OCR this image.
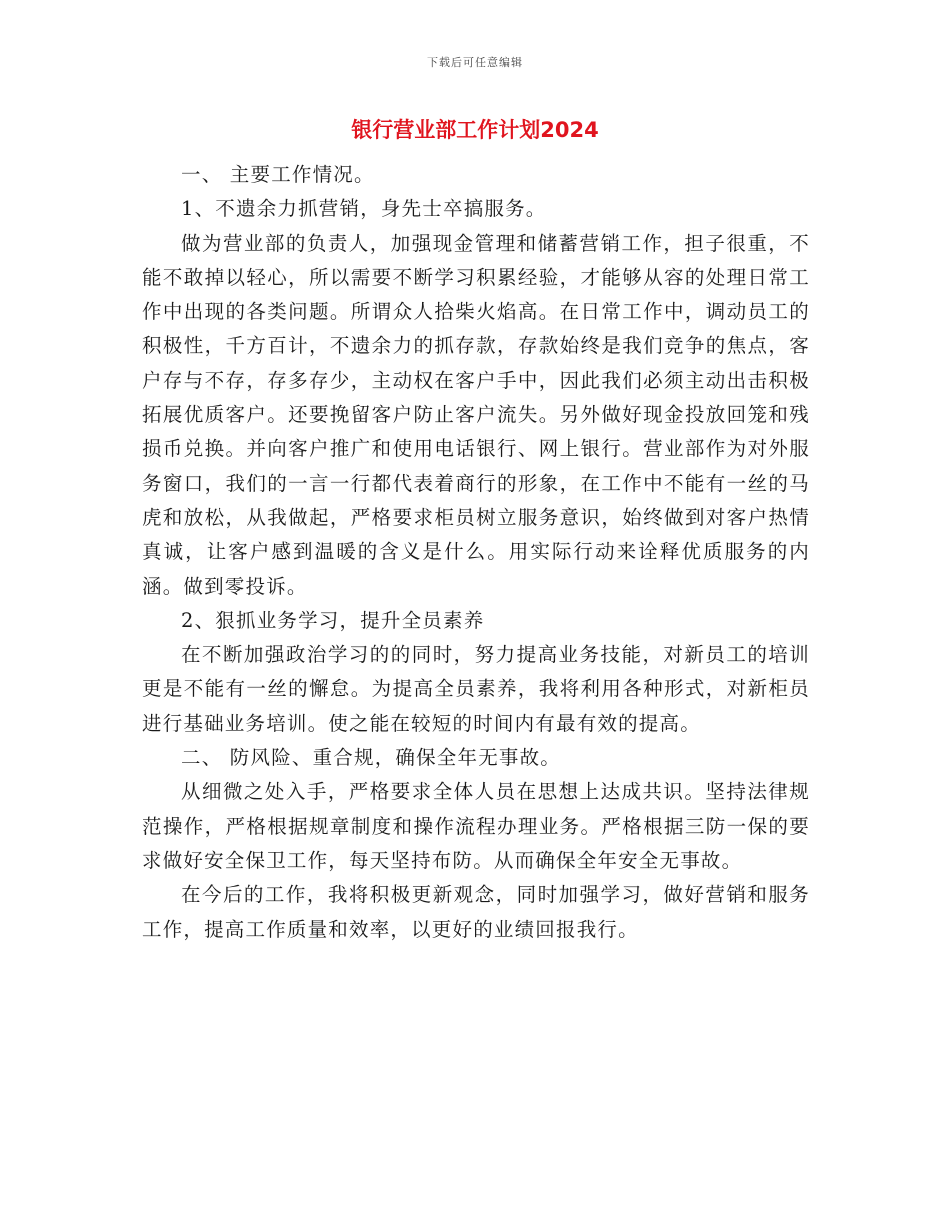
下载后可任意编辑
银行营业部工作计划2024

一、 主要工作情况。

1、不遗余力抓营销，身先士卒搞服务。

做为营业部的负责人，加强现金管理和储蓄营销工作，担子很重，不能不敢掉以轻心，所以需要不断学习积累经验，才能够从容的处理日常工作中出现的各类问题。所谓众人拾柴火焰高。在日常工作中，调动员工的积极性，千方百计，不遗余力的抓存款，存款始终是我们竞争的焦点，客户存与不存，存多存少，主动权在客户手中，因此我们必须主动出击积极拓展优质客户。还要挽留客户防止客户流失。另外做好现金投放回笼和残损币兑换。并向客户推广和使用电话银行、网上银行。营业部作为对外服务窗口，我们的一言一行都代表着商行的形象，在工作中不能有一丝的马虎和放松，从我做起，严格要求柜员树立服务意识，始终做到对客户热情真诚，让客户感到温暖的含义是什么。用实际行动来诠释优质服务的内涵。做到零投诉。

2、狠抓业务学习，提升全员素养

在不断加强政治学习的的同时，努力提高业务技能，对新员工的培训更是不能有一丝的懈怠。为提高全员素养，我将利用各种形式，对新柜员进行基础业务培训。使之能在较短的时间内有最有效的提高。

二、 防风险、重合规，确保全年无事故。

从细微之处入手，严格要求全体人员在思想上达成共识。坚持法律规范操作，严格根据规章制度和操作流程办理业务。严格根据三防一保的要求做好安全保卫工作，每天坚持布防。从而确保全年安全无事故。

在今后的工作，我将积极更新观念，同时加强学习，做好营销和服务工作，提高工作质量和效率，以更好的业绩回报我行。
